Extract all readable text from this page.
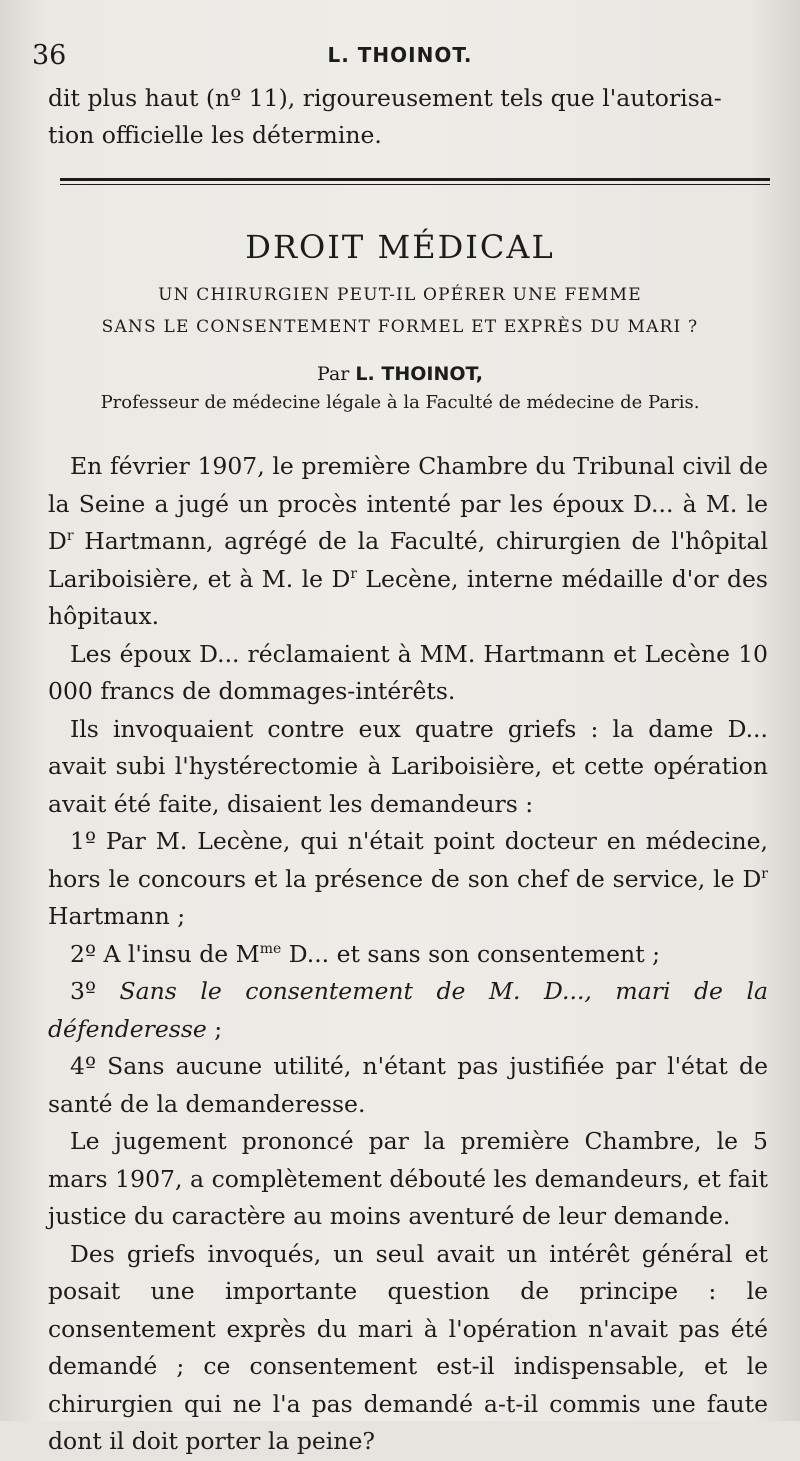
36	L. THOINOT.
dit plus haut (nº 11), rigoureusement tels que l'autorisa-
tion officielle les détermine.
DROIT MÉDICAL
UN CHIRURGIEN PEUT-IL OPÉRER UNE FEMME
SANS LE CONSENTEMENT FORMEL ET EXPRÈS DU MARI ?
Par L. THOINOT,
Professeur de médecine légale à la Faculté de médecine de Paris.

En février 1907, le première Chambre du Tribunal civil de la Seine a jugé un procès intenté par les époux D... à M. le $D^r$ Hartmann, agrégé de la Faculté, chirurgien de l'hôpital Lariboisière, et à M. le $D^r$ Lecène, interne médaille d'or des hôpitaux.

Les époux D... réclamaient à MM. Hartmann et Lecène 10 000 francs de dommages-intérêts.

Ils invoquaient contre eux quatre griefs : la dame D... avait subi l'hystérectomie à Lariboisière, et cette opération avait été faite, disaient les demandeurs :

1º Par M. Lecène, qui n'était point docteur en médecine, hors le concours et la présence de son chef de service, le $D^r$ Hartmann ;

2º A l'insu de $M^{me}$ D... et sans son consentement ;

3º Sans le consentement de M. D..., mari de la défenderesse ;

4º Sans aucune utilité, n'étant pas justifiée par l'état de santé de la demanderesse.

Le jugement prononcé par la première Chambre, le 5 mars 1907, a complètement débouté les demandeurs, et fait justice du caractère au moins aventuré de leur demande.

Des griefs invoqués, un seul avait un intérêt général et posait une importante question de principe : le consentement exprès du mari à l'opération n'avait pas été demandé ; ce consentement est-il indispensable, et le chirurgien qui ne l'a pas demandé a-t-il commis une faute dont il doit porter la peine?
